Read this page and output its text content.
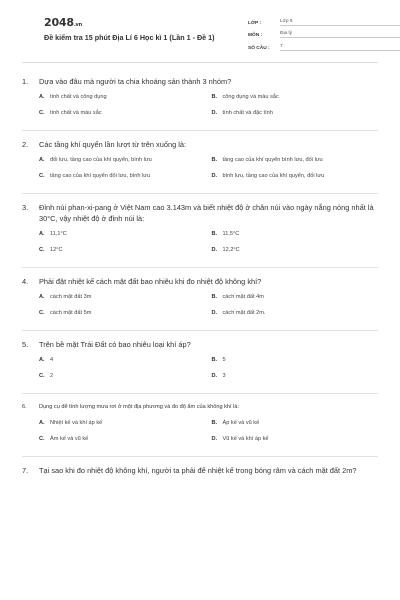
2048.vn
Đề kiểm tra 15 phút Địa Lí 6 Học kì 1 (Lần 1 - Đề 1)
LỚP :	Lớp 6
MÔN :	Địa lý
SỐ CÂU :	7
1.	Dựa vào đâu mà người ta chia khoáng sản thành 3 nhóm?
A. tính chất và công dụng	B. công dụng và màu sắc
C. tính chất và màu sắc	D. tính chất và đặc tính
2.	Các tầng khí quyển lần lượt từ trên xuống là:
A. đối lưu, tầng cao của khí quyển, bình lưu	B. tầng cao của khí quyển bình lưu, đối lưu
C. tầng cao của khí quyển đối lưu, bình lưu	D. bình lưu, tầng cao của khí quyển, đối lưu
3.	Đỉnh núi phan-xi-pang ở Việt Nam cao 3.143m và biết nhiệt độ ở chân núi vào ngày nắng nóng nhất là 30°C, vậy nhiệt độ ở đỉnh núi là:
A. 11,1°C	B. 11,5°C
C. 12°C	D. 12,2°C
4.	Phải đặt nhiệt kế cách mặt đất bao nhiêu khi đo nhiệt độ không khí?
A. cách mặt đất 3m	B. cách mặt đất 4m
C. cách mặt đất 5m	D. cách mặt đất 2m.
5.	Trên bề mặt Trái Đất có bao nhiêu loại khí áp?
A. 4	B. 5
C. 2	D. 3
6.	Dụng cụ để tính lượng mưa rơi ở một địa phương và đo độ ẩm của không khí là:
A. Nhiệt kế và khí áp kế	B. Áp kế và vũ kế
C. Ẩm kế và vũ kế	D. Vũ kế và khí áp kế
7.	Tại sao khi đo nhiệt độ không khí, người ta phải để nhiệt kế trong bóng râm và cách mặt đất 2m?
